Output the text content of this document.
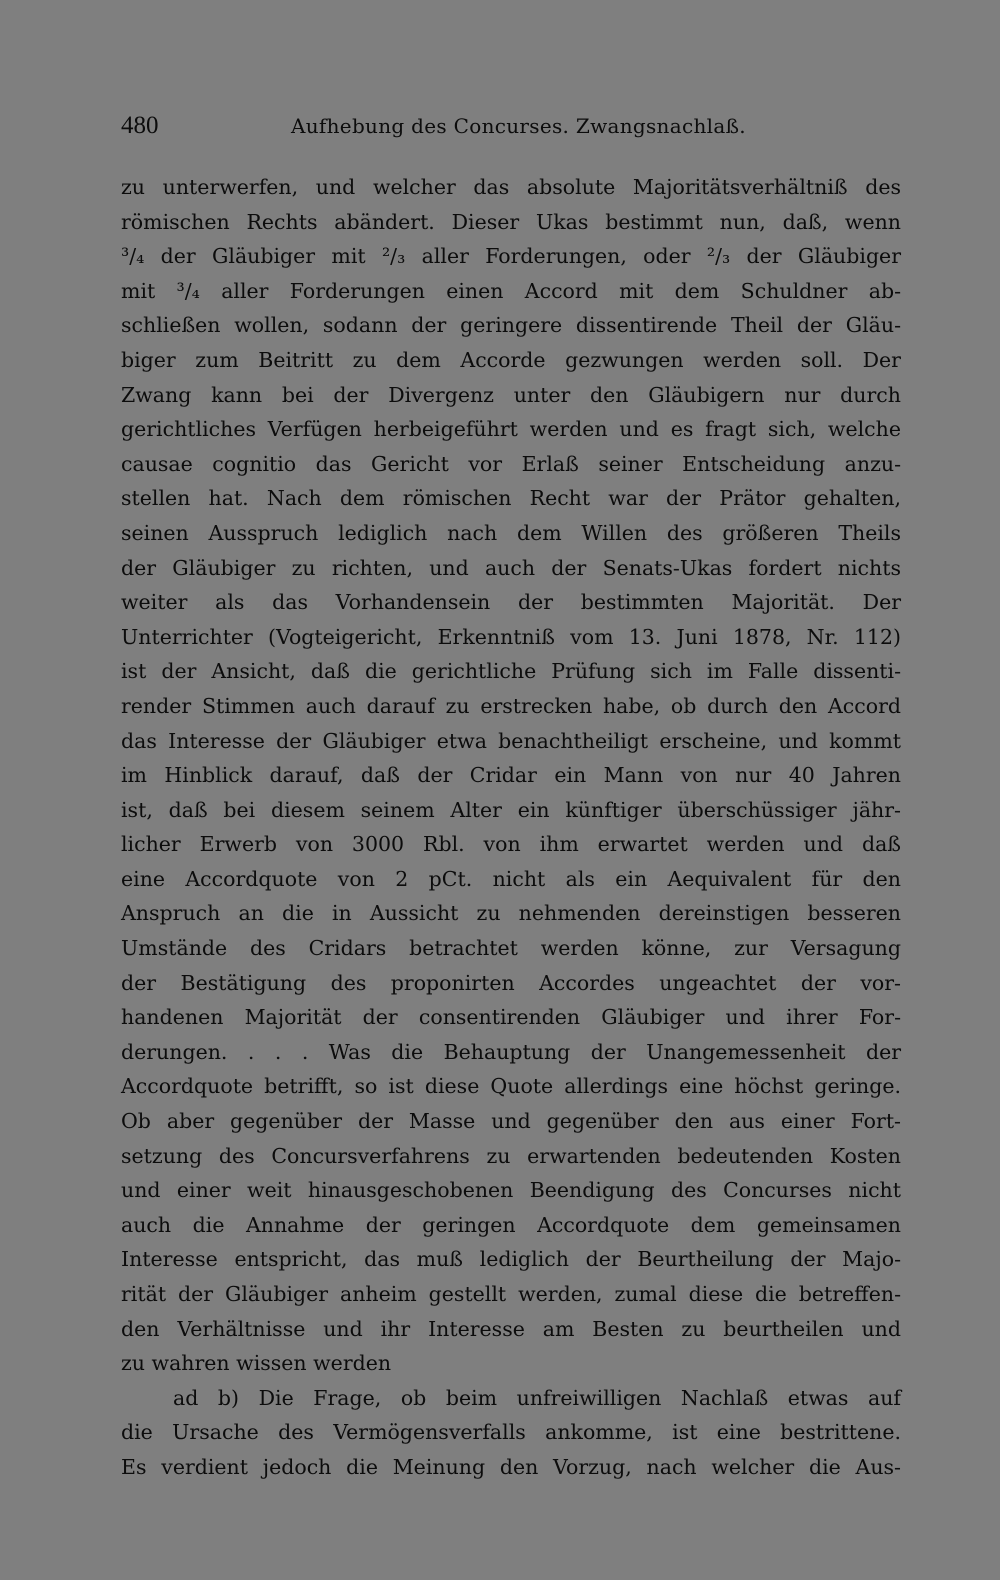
480	Aufhebung des Concurses. Zwangsnachlaß.
zu unterwerfen, und welcher das absolute Majoritätsverhältniß des
römischen Rechts abändert. Dieser Ukas bestimmt nun, daß, wenn
³/₄ der Gläubiger mit ²/₃ aller Forderungen, oder ²/₃ der Gläubiger
mit ³/₄ aller Forderungen einen Accord mit dem Schuldner ab-
schließen wollen, sodann der geringere dissentirende Theil der Gläu-
biger zum Beitritt zu dem Accorde gezwungen werden soll. Der
Zwang kann bei der Divergenz unter den Gläubigern nur durch
gerichtliches Verfügen herbeigeführt werden und es fragt sich, welche
causae cognitio das Gericht vor Erlaß seiner Entscheidung anzu-
stellen hat. Nach dem römischen Recht war der Prätor gehalten,
seinen Ausspruch lediglich nach dem Willen des größeren Theils
der Gläubiger zu richten, und auch der Senats-Ukas fordert nichts
weiter als das Vorhandensein der bestimmten Majorität. Der
Unterrichter (Vogteigericht, Erkenntniß vom 13. Juni 1878, Nr. 112)
ist der Ansicht, daß die gerichtliche Prüfung sich im Falle dissenti-
render Stimmen auch darauf zu erstrecken habe, ob durch den Accord
das Interesse der Gläubiger etwa benachtheiligt erscheine, und kommt
im Hinblick darauf, daß der Cridar ein Mann von nur 40 Jahren
ist, daß bei diesem seinem Alter ein künftiger überschüssiger jähr-
licher Erwerb von 3000 Rbl. von ihm erwartet werden und daß
eine Accordquote von 2 pCt. nicht als ein Aequivalent für den
Anspruch an die in Aussicht zu nehmenden dereinstigen besseren
Umstände des Cridars betrachtet werden könne, zur Versagung
der Bestätigung des proponirten Accordes ungeachtet der vor-
handenen Majorität der consentirenden Gläubiger und ihrer For-
derungen. . . . Was die Behauptung der Unangemessenheit der
Accordquote betrifft, so ist diese Quote allerdings eine höchst geringe.
Ob aber gegenüber der Masse und gegenüber den aus einer Fort-
setzung des Concursverfahrens zu erwartenden bedeutenden Kosten
und einer weit hinausgeschobenen Beendigung des Concurses nicht
auch die Annahme der geringen Accordquote dem gemeinsamen
Interesse entspricht, das muß lediglich der Beurtheilung der Majo-
rität der Gläubiger anheim gestellt werden, zumal diese die betreffen-
den Verhältnisse und ihr Interesse am Besten zu beurtheilen und
zu wahren wissen werden
ad b) Die Frage, ob beim unfreiwilligen Nachlaß etwas auf
die Ursache des Vermögensverfalls ankomme, ist eine bestrittene.
Es verdient jedoch die Meinung den Vorzug, nach welcher die Aus-
